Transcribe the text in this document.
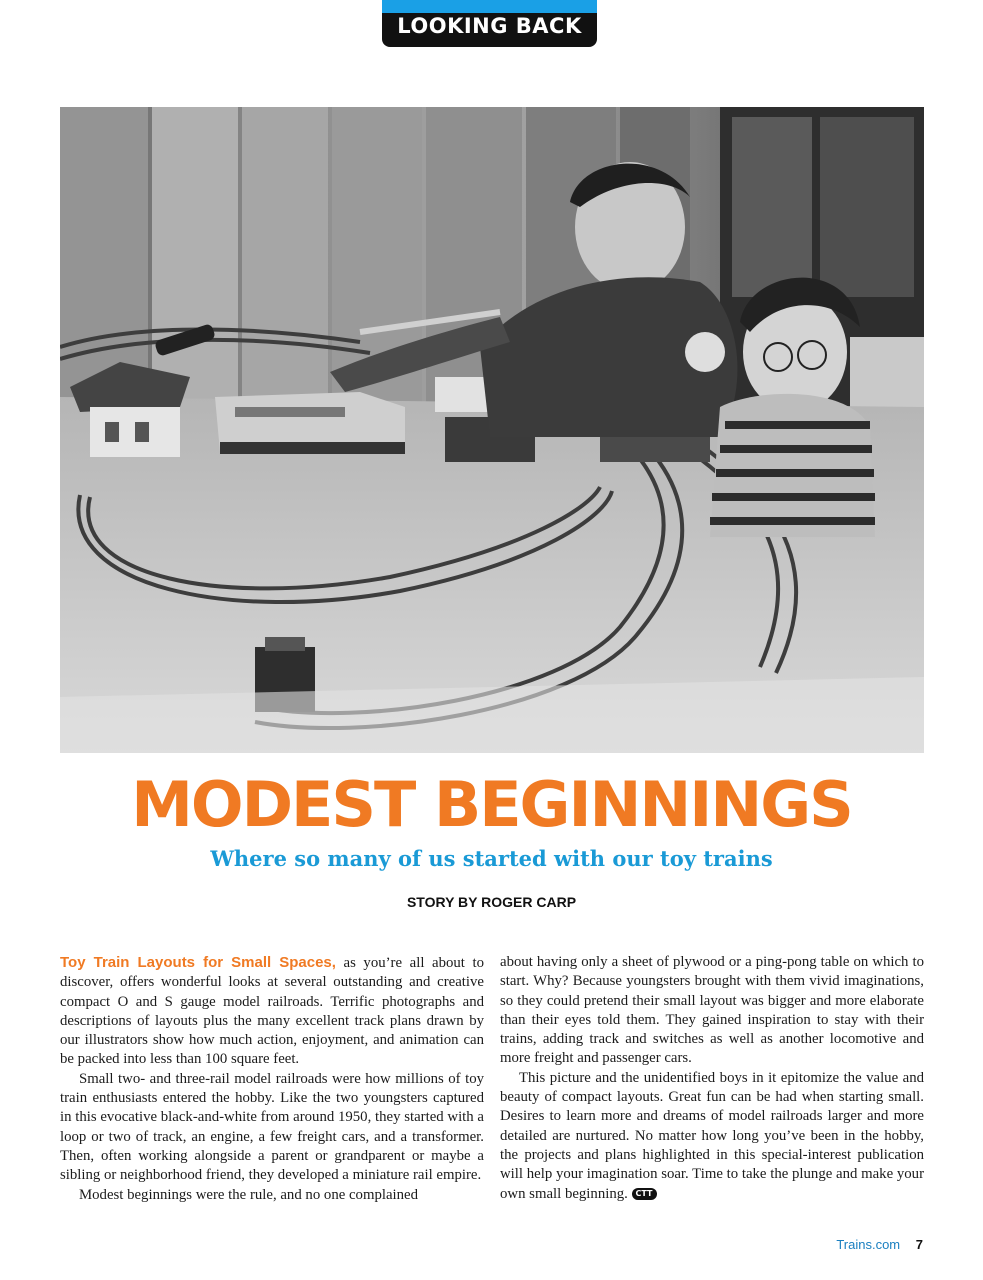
LOOKING BACK
MODEST BEGINNINGS
Where so many of us started with our toy trains
STORY BY ROGER CARP

Toy Train Layouts for Small Spaces, as you’re all about to discover, offers wonderful looks at several outstanding and creative compact O and S gauge model railroads. Terrific photographs and descriptions of layouts plus the many excellent track plans drawn by our illustrators show how much action, enjoyment, and animation can be packed into less than 100 square feet.

Small two- and three-rail model railroads were how millions of toy train enthusiasts entered the hobby. Like the two youngsters captured in this evocative black-and-white from around 1950, they started with a loop or two of track, an engine, a few freight cars, and a transformer. Then, often working alongside a parent or grandparent or maybe a sibling or neighborhood friend, they developed a miniature rail empire.

Modest beginnings were the rule, and no one complained

about having only a sheet of plywood or a ping-pong table on which to start. Why? Because youngsters brought with them vivid imaginations, so they could pretend their small layout was bigger and more elaborate than their eyes told them. They gained inspiration to stay with their trains, adding track and switches as well as another locomotive and more freight and passenger cars.

This picture and the unidentified boys in it epitomize the value and beauty of compact layouts. Great fun can be had when starting small. Desires to learn more and dreams of model railroads larger and more detailed are nurtured. No matter how long you’ve been in the hobby, the projects and plans highlighted in this special-interest publication will help your imagination soar. Time to take the plunge and make your own small beginning. CTT

Trains.com 7
